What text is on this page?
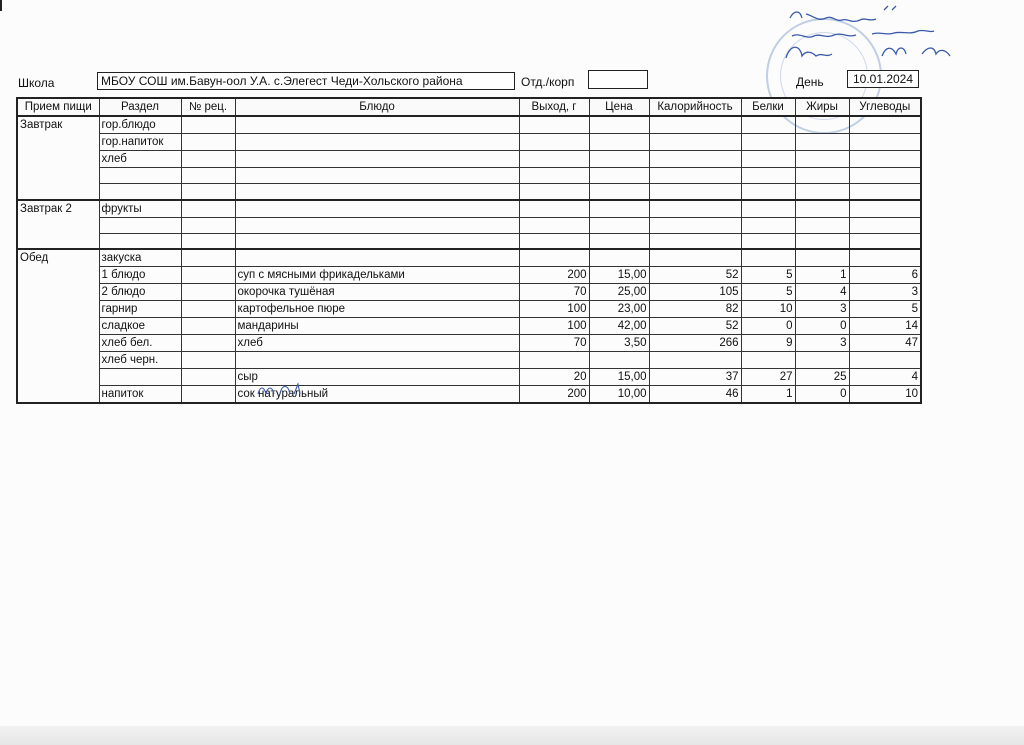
Школа	МБОУ СОШ им.Бавун-оол У.А. с.Элегест Чеди-Хольского района	Отд./корп	День	10.01.2024
Прием пищи	Раздел	№ рец.	Блюдо	Выход, г	Цена	Калорийность	Белки	Жиры	Углеводы
Завтрак	гор.блюдо								
	гор.напиток								
	хлеб								

Завтрак 2	фрукты								

Обед	закуска								
	1 блюдо		суп с мясными фрикадельками	200	15,00	52	5	1	6
	2 блюдо		окорочка тушёная	70	25,00	105	5	4	3
	гарнир		картофельное пюре	100	23,00	82	10	3	5
	сладкое		мандарины	100	42,00	52	0	0	14
	хлеб бел.		хлеб	70	3,50	266	9	3	47
	хлеб черн.								
			сыр	20	15,00	37	27	25	4
	напиток		сок натуральный	200	10,00	46	1	0	10
